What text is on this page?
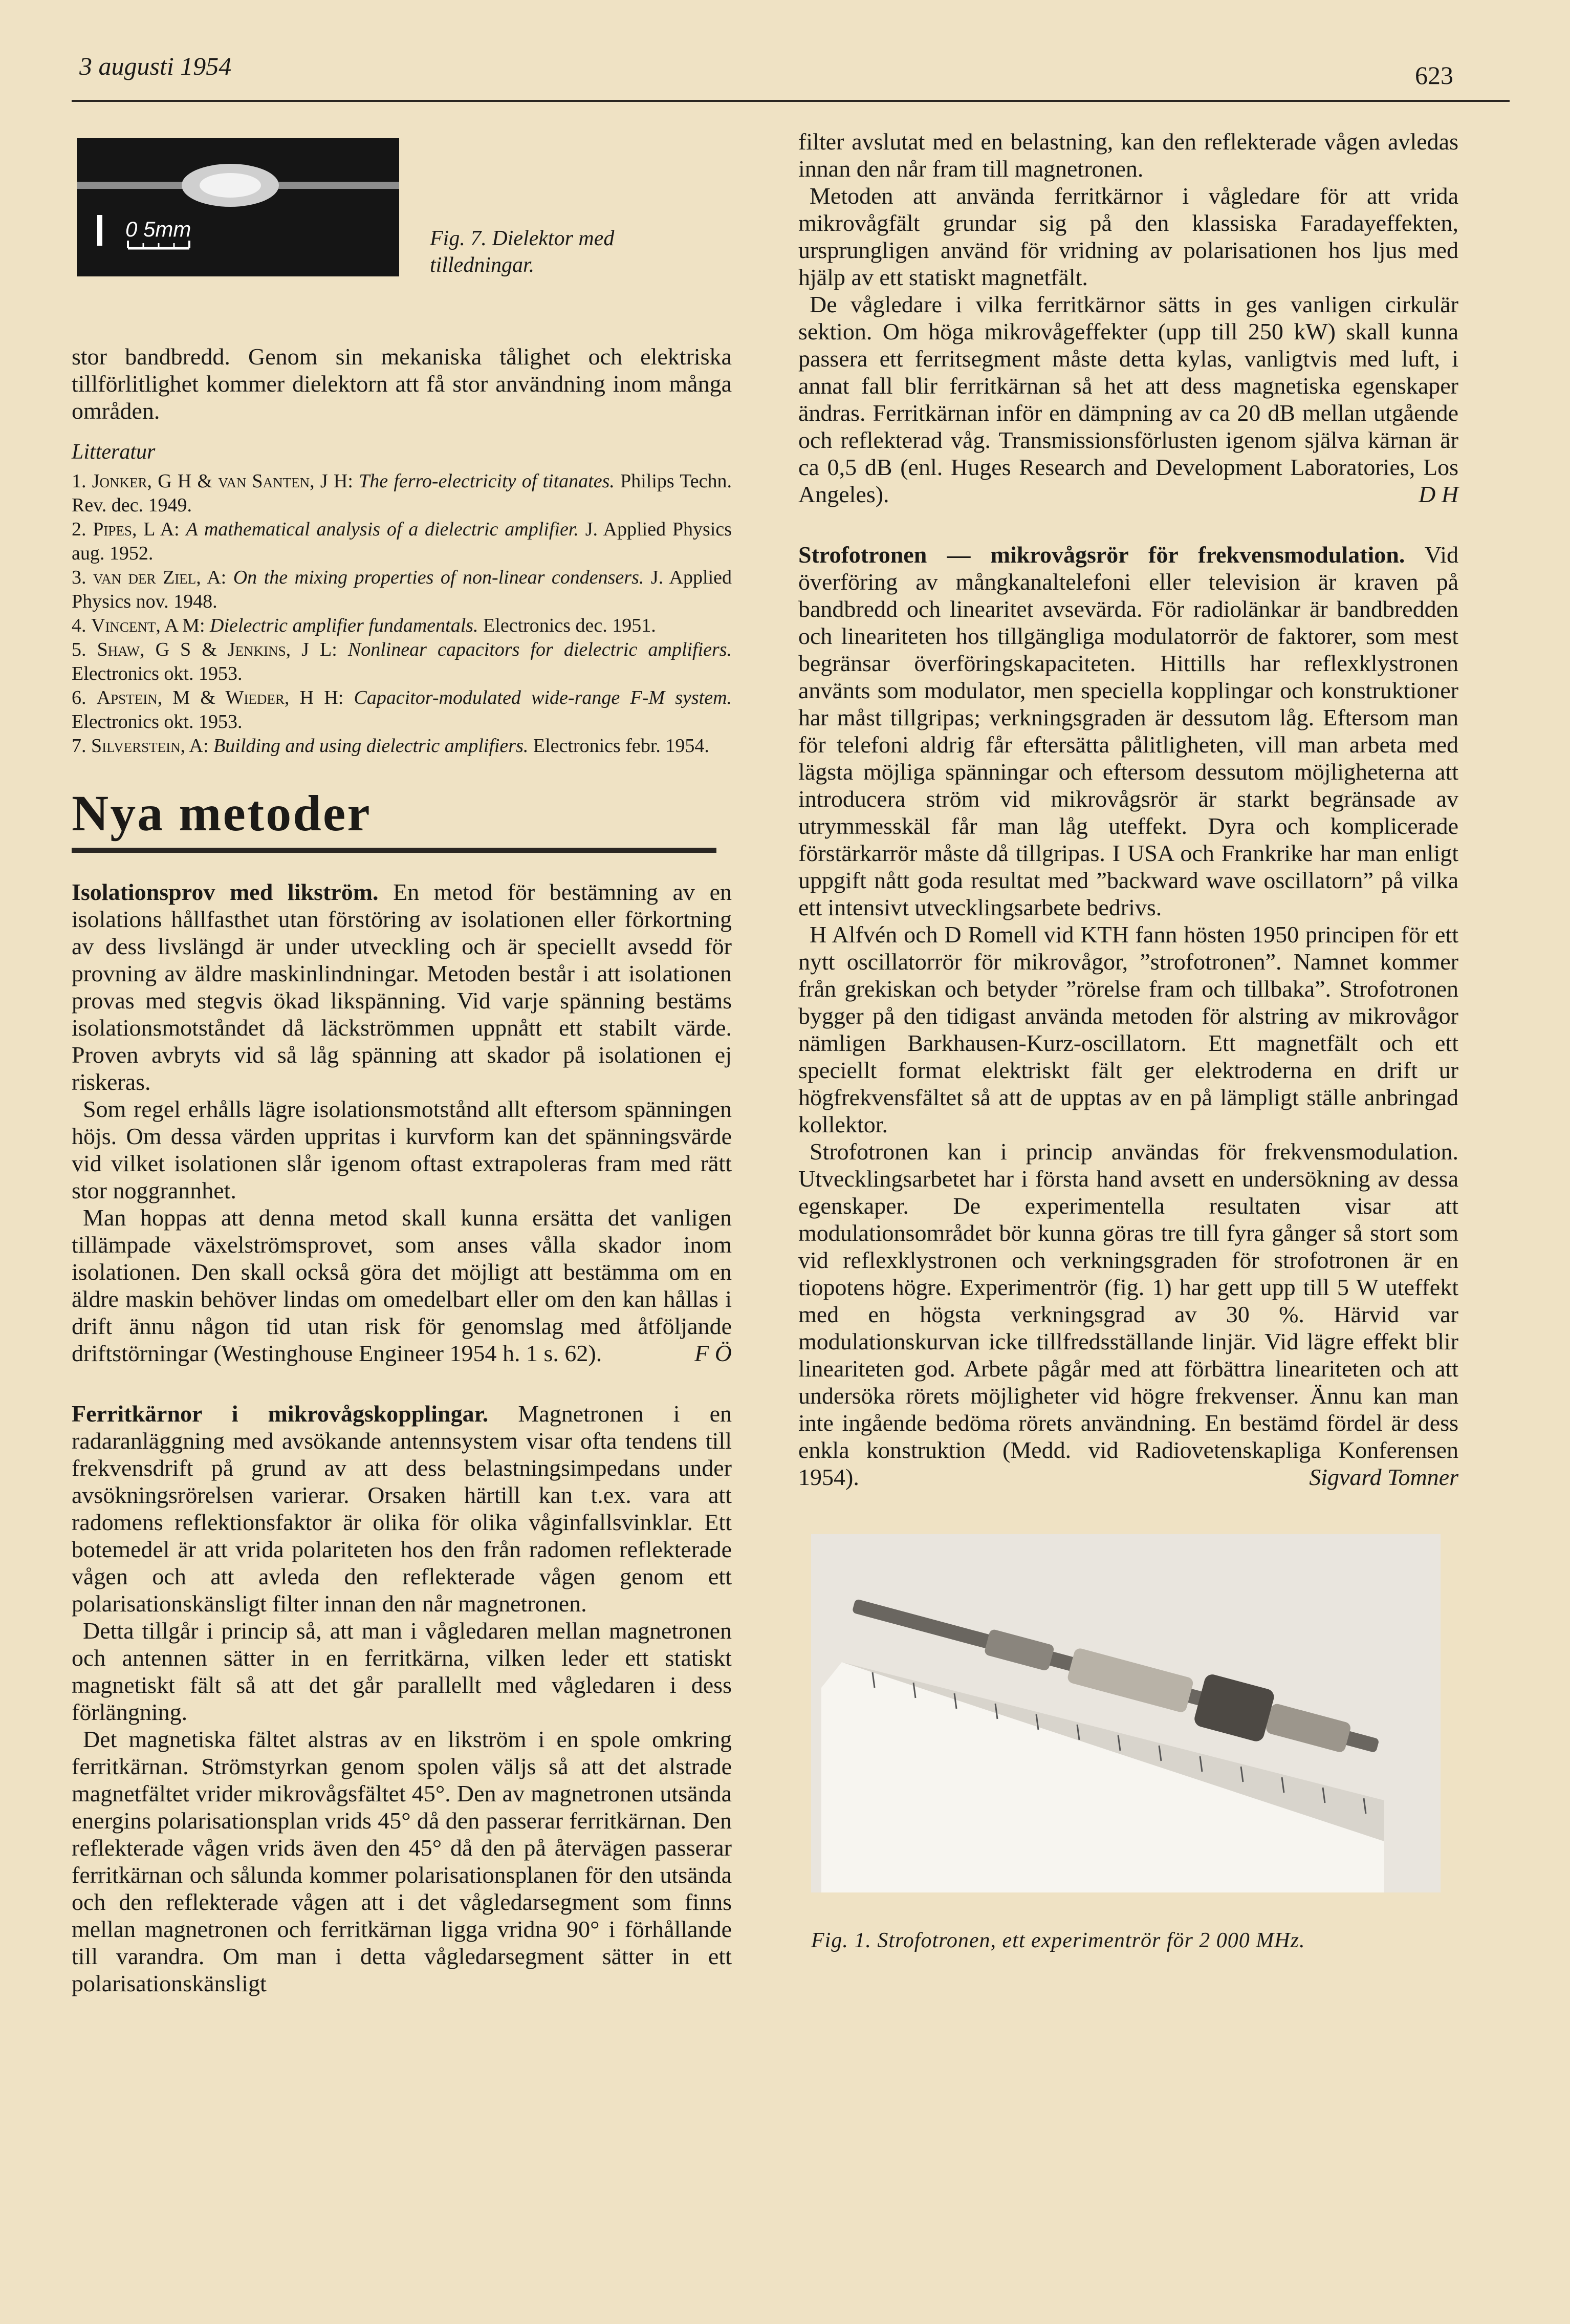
3 augusti 1954	623
0 5mm	Fig. 7. Dielektor med tilledningar.

stor bandbredd. Genom sin mekaniska tålighet och elektriska tillförlitlighet kommer dielektorn att få stor användning inom många områden.

Litteratur

1. Jonker, G H & van Santen, J H: The ferro-electricity of titanates. Philips Techn. Rev. dec. 1949.

2. Pipes, L A: A mathematical analysis of a dielectric amplifier. J. Applied Physics aug. 1952.

3. van der Ziel, A: On the mixing properties of non-linear condensers. J. Applied Physics nov. 1948.

4. Vincent, A M: Dielectric amplifier fundamentals. Electronics dec. 1951.

5. Shaw, G S & Jenkins, J L: Nonlinear capacitors for dielectric amplifiers. Electronics okt. 1953.

6. Apstein, M & Wieder, H H: Capacitor-modulated wide-range F-M system. Electronics okt. 1953.

7. Silverstein, A: Building and using dielectric amplifiers. Electronics febr. 1954.

Nya metoder

Isolationsprov med likström. En metod för bestämning av en isolations hållfasthet utan förstöring av isolationen eller förkortning av dess livslängd är under utveckling och är speciellt avsedd för provning av äldre maskinlindningar. Metoden består i att isolationen provas med stegvis ökad likspänning. Vid varje spänning bestäms isolationsmotståndet då läckströmmen uppnått ett stabilt värde. Proven avbryts vid så låg spänning att skador på isolationen ej riskeras.

Som regel erhålls lägre isolationsmotstånd allt eftersom spänningen höjs. Om dessa värden uppritas i kurvform kan det spänningsvärde vid vilket isolationen slår igenom oftast extrapoleras fram med rätt stor noggrannhet.

Man hoppas att denna metod skall kunna ersätta det vanligen tillämpade växelströmsprovet, som anses vålla skador inom isolationen. Den skall också göra det möjligt att bestämma om en äldre maskin behöver lindas om omedelbart eller om den kan hållas i drift ännu någon tid utan risk för genomslag med åtföljande driftstörningar (Westinghouse Engineer 1954 h. 1 s. 62).	F Ö

Ferritkärnor i mikrovågskopplingar. Magnetronen i en radaranläggning med avsökande antennsystem visar ofta tendens till frekvensdrift på grund av att dess belastningsimpedans under avsökningsrörelsen varierar. Orsaken härtill kan t.ex. vara att radomens reflektionsfaktor är olika för olika våginfallsvinklar. Ett botemedel är att vrida polariteten hos den från radomen reflekterade vågen och att avleda den reflekterade vågen genom ett polarisationskänsligt filter innan den når magnetronen.

Detta tillgår i princip så, att man i vågledaren mellan magnetronen och antennen sätter in en ferritkärna, vilken leder ett statiskt magnetiskt fält så att det går parallellt med vågledaren i dess förlängning.

Det magnetiska fältet alstras av en likström i en spole omkring ferritkärnan. Strömstyrkan genom spolen väljs så att det alstrade magnetfältet vrider mikrovågsfältet 45°. Den av magnetronen utsända energins polarisationsplan vrids 45° då den passerar ferritkärnan. Den reflekterade vågen vrids även den 45° då den på återvägen passerar ferritkärnan och sålunda kommer polarisationsplanen för den utsända och den reflekterade vågen att i det vågledarsegment som finns mellan magnetronen och ferritkärnan ligga vridna 90° i förhållande till varandra. Om man i detta vågledarsegment sätter in ett polarisationskänsligt

filter avslutat med en belastning, kan den reflekterade vågen avledas innan den når fram till magnetronen.

Metoden att använda ferritkärnor i vågledare för att vrida mikrovågfält grundar sig på den klassiska Faradayeffekten, ursprungligen använd för vridning av polarisationen hos ljus med hjälp av ett statiskt magnetfält.

De vågledare i vilka ferritkärnor sätts in ges vanligen cirkulär sektion. Om höga mikrovågeffekter (upp till 250 kW) skall kunna passera ett ferritsegment måste detta kylas, vanligtvis med luft, i annat fall blir ferritkärnan så het att dess magnetiska egenskaper ändras. Ferritkärnan inför en dämpning av ca 20 dB mellan utgående och reflekterad våg. Transmissionsförlusten igenom själva kärnan är ca 0,5 dB (enl. Huges Research and Development Laboratories, Los Angeles).	D H

Strofotronen — mikrovågsrör för frekvensmodulation. Vid överföring av mångkanaltelefoni eller television är kraven på bandbredd och linearitet avsevärda. För radiolänkar är bandbredden och lineariteten hos tillgängliga modulatorrör de faktorer, som mest begränsar överföringskapaciteten. Hittills har reflexklystronen använts som modulator, men speciella kopplingar och konstruktioner har måst tillgripas; verkningsgraden är dessutom låg. Eftersom man för telefoni aldrig får eftersätta pålitligheten, vill man arbeta med lägsta möjliga spänningar och eftersom dessutom möjligheterna att introducera ström vid mikrovågsrör är starkt begränsade av utrymmesskäl får man låg uteffekt. Dyra och komplicerade förstärkarrör måste då tillgripas. I USA och Frankrike har man enligt uppgift nått goda resultat med ”backward wave oscillatorn” på vilka ett intensivt utvecklingsarbete bedrivs.

H Alfvén och D Romell vid KTH fann hösten 1950 principen för ett nytt oscillatorrör för mikrovågor, ”strofotronen”. Namnet kommer från grekiskan och betyder ”rörelse fram och tillbaka”. Strofotronen bygger på den tidigast använda metoden för alstring av mikrovågor nämligen Barkhausen-Kurz-oscillatorn. Ett magnetfält och ett speciellt format elektriskt fält ger elektroderna en drift ur högfrekvensfältet så att de upptas av en på lämpligt ställe anbringad kollektor.

Strofotronen kan i princip användas för frekvensmodulation. Utvecklingsarbetet har i första hand avsett en undersökning av dessa egenskaper. De experimentella resultaten visar att modulationsområdet bör kunna göras tre till fyra gånger så stort som vid reflexklystronen och verkningsgraden för strofotronen är en tiopotens högre. Experimentrör (fig. 1) har gett upp till 5 W uteffekt med en högsta verkningsgrad av 30 %. Härvid var modulationskurvan icke tillfredsställande linjär. Vid lägre effekt blir lineariteten god. Arbete pågår med att förbättra lineariteten och att undersöka rörets möjligheter vid högre frekvenser. Ännu kan man inte ingående bedöma rörets användning. En bestämd fördel är dess enkla konstruktion (Medd. vid Radiovetenskapliga Konferensen 1954).	Sigvard Tomner

Fig. 1. Strofotronen, ett experimentrör för 2 000 MHz.
